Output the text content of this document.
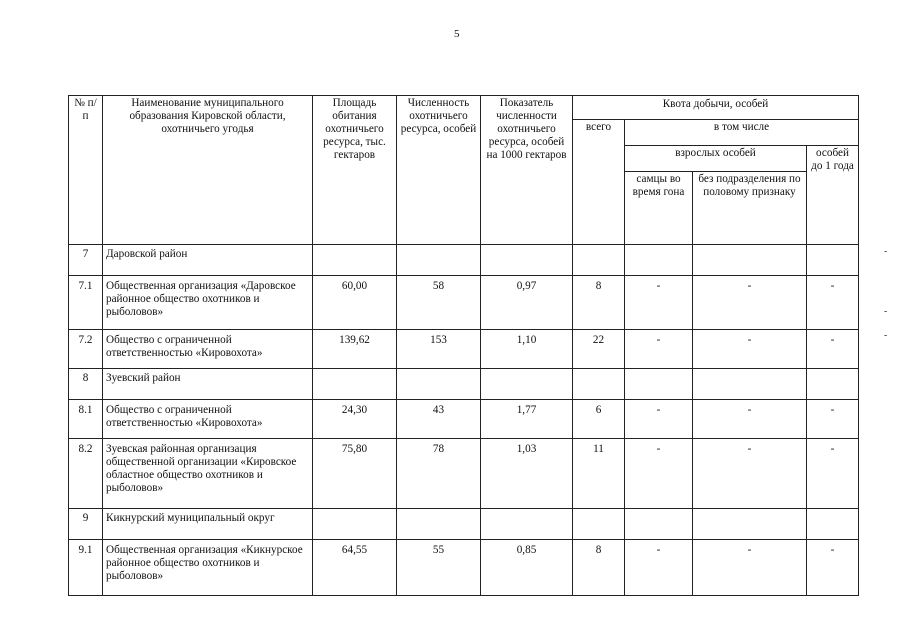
5
№ п/п	Наименование муниципального образования Кировской области, охотничьего угодья	Площадь обитания охотничьего ресурса, тыс. гектаров	Численность охотничьего ресурса, особей	Показатель численности охотничьего ресурса, особей на 1000 гектаров	Квота добычи, особей			
					всего	в том числе		
						взрослых особей		особей до 1 года
						самцы во время гона	без подразделения по половому признаку	
7	Даровской район							
7.1	Общественная организация «Даровское районное общество охотников и рыболовов»	60,00	58	0,97	8	-	-	-
7.2	Общество с ограниченной ответственностью «Кировохота»	139,62	153	1,10	22	-	-	-
8	Зуевский район							
8.1	Общество с ограниченной ответственностью «Кировохота»	24,30	43	1,77	6	-	-	-
8.2	Зуевская районная организация общественной организации «Кировское областное общество охотников и рыболовов»	75,80	78	1,03	11	-	-	-
9	Кикнурский муниципальный округ							
9.1	Общественная организация «Кикнурское районное общество охотников и рыболовов»	64,55	55	0,85	8	-	-	-
-
-
-
